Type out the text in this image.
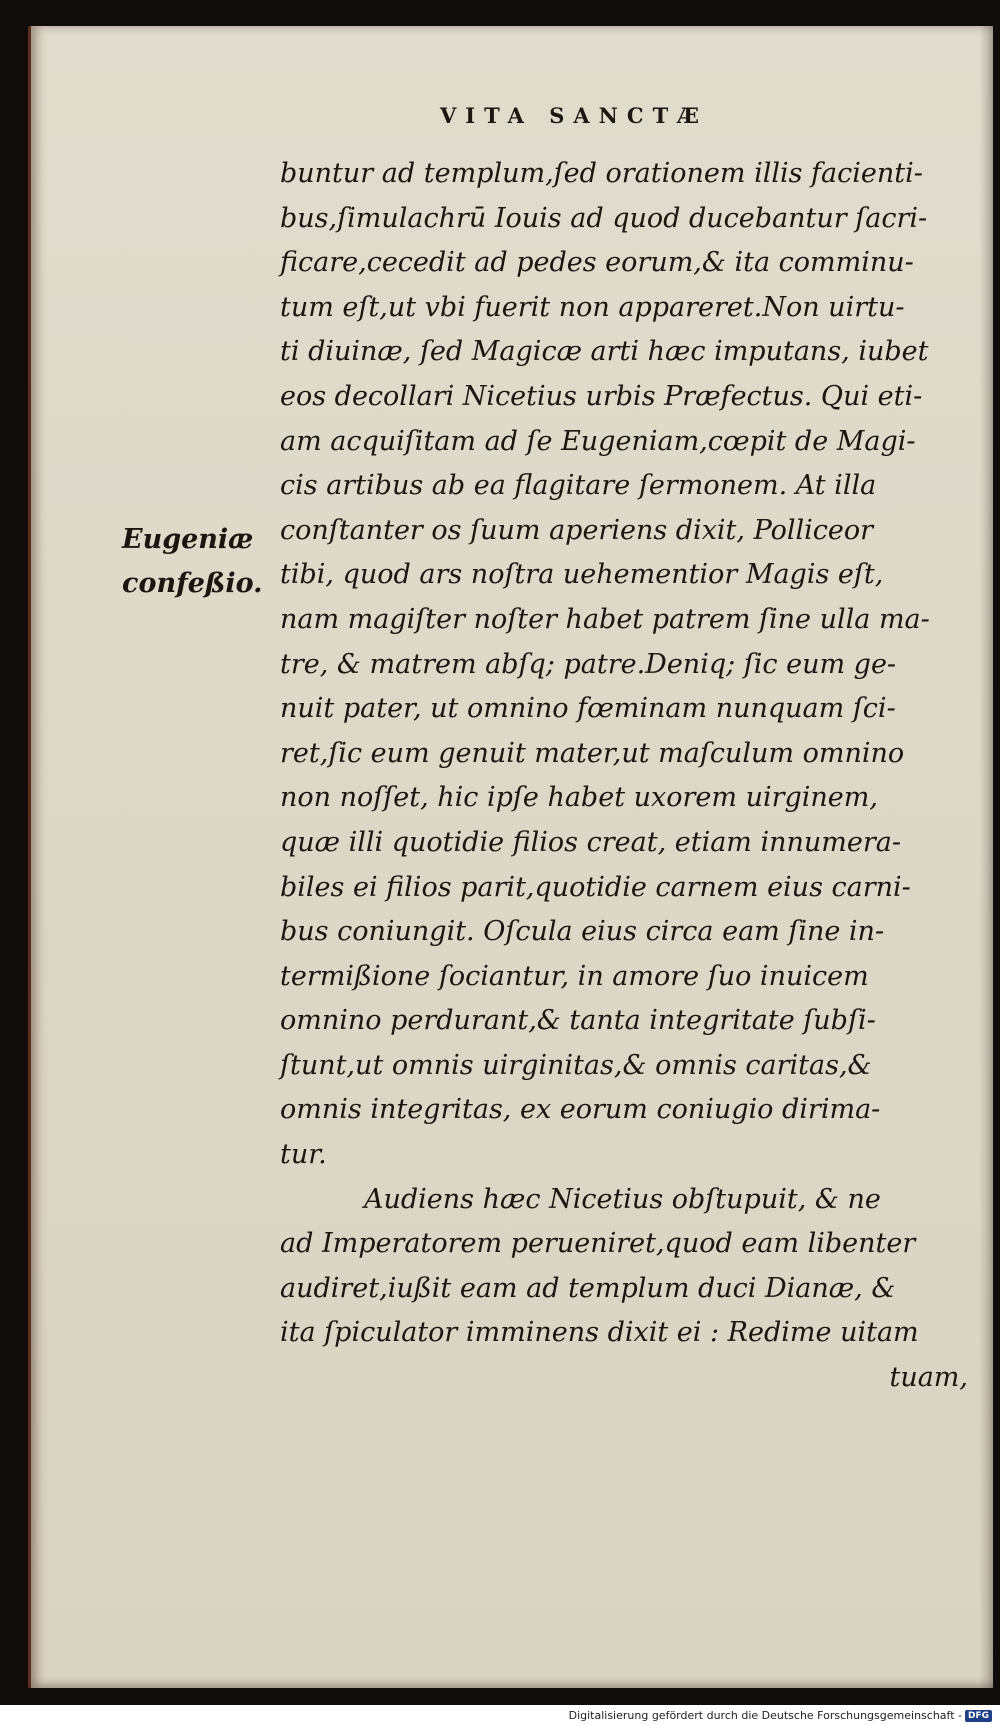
VITA SANCTÆ
Eugeniæ
confeßio.
buntur ad templum,ſed orationem illis facienti-
bus,ſimulachrū Iouis ad quod ducebantur ſacri-
ficare,cecedit ad pedes eorum,& ita comminu-
tum eſt,ut vbi fuerit non appareret.Non uirtu-
ti diuinæ, ſed Magicæ arti hæc imputans, iubet
eos decollari Nicetius urbis Præfectus. Qui eti-
am acquiſitam ad ſe Eugeniam,cœpit de Magi-
cis artibus ab ea flagitare ſermonem. At illa
conſtanter os ſuum aperiens dixit, Polliceor
tibi, quod ars noſtra uehementior Magis eſt,
nam magiſter noſter habet patrem ſine ulla ma-
tre, & matrem abſq; patre.Deniq; ſic eum ge-
nuit pater, ut omnino fœminam nunquam ſci-
ret,ſic eum genuit mater,ut maſculum omnino
non noſſet, hic ipſe habet uxorem uirginem,
quæ illi quotidie filios creat, etiam innumera-
biles ei filios parit,quotidie carnem eius carni-
bus coniungit. Oſcula eius circa eam ſine in-
termißione ſociantur, in amore ſuo inuicem
omnino perdurant,& tanta integritate ſubſi-
ſtunt,ut omnis uirginitas,& omnis caritas,&
omnis integritas, ex eorum coniugio dirima-
tur.
Audiens hæc Nicetius obſtupuit, & ne
ad Imperatorem perueniret,quod eam libenter
audiret,iußit eam ad templum duci Dianæ, &
ita ſpiculator imminens dixit ei : Redime uitam
tuam,
Digitalisierung gefördert durch die Deutsche Forschungsgemeinschaft - DFG
